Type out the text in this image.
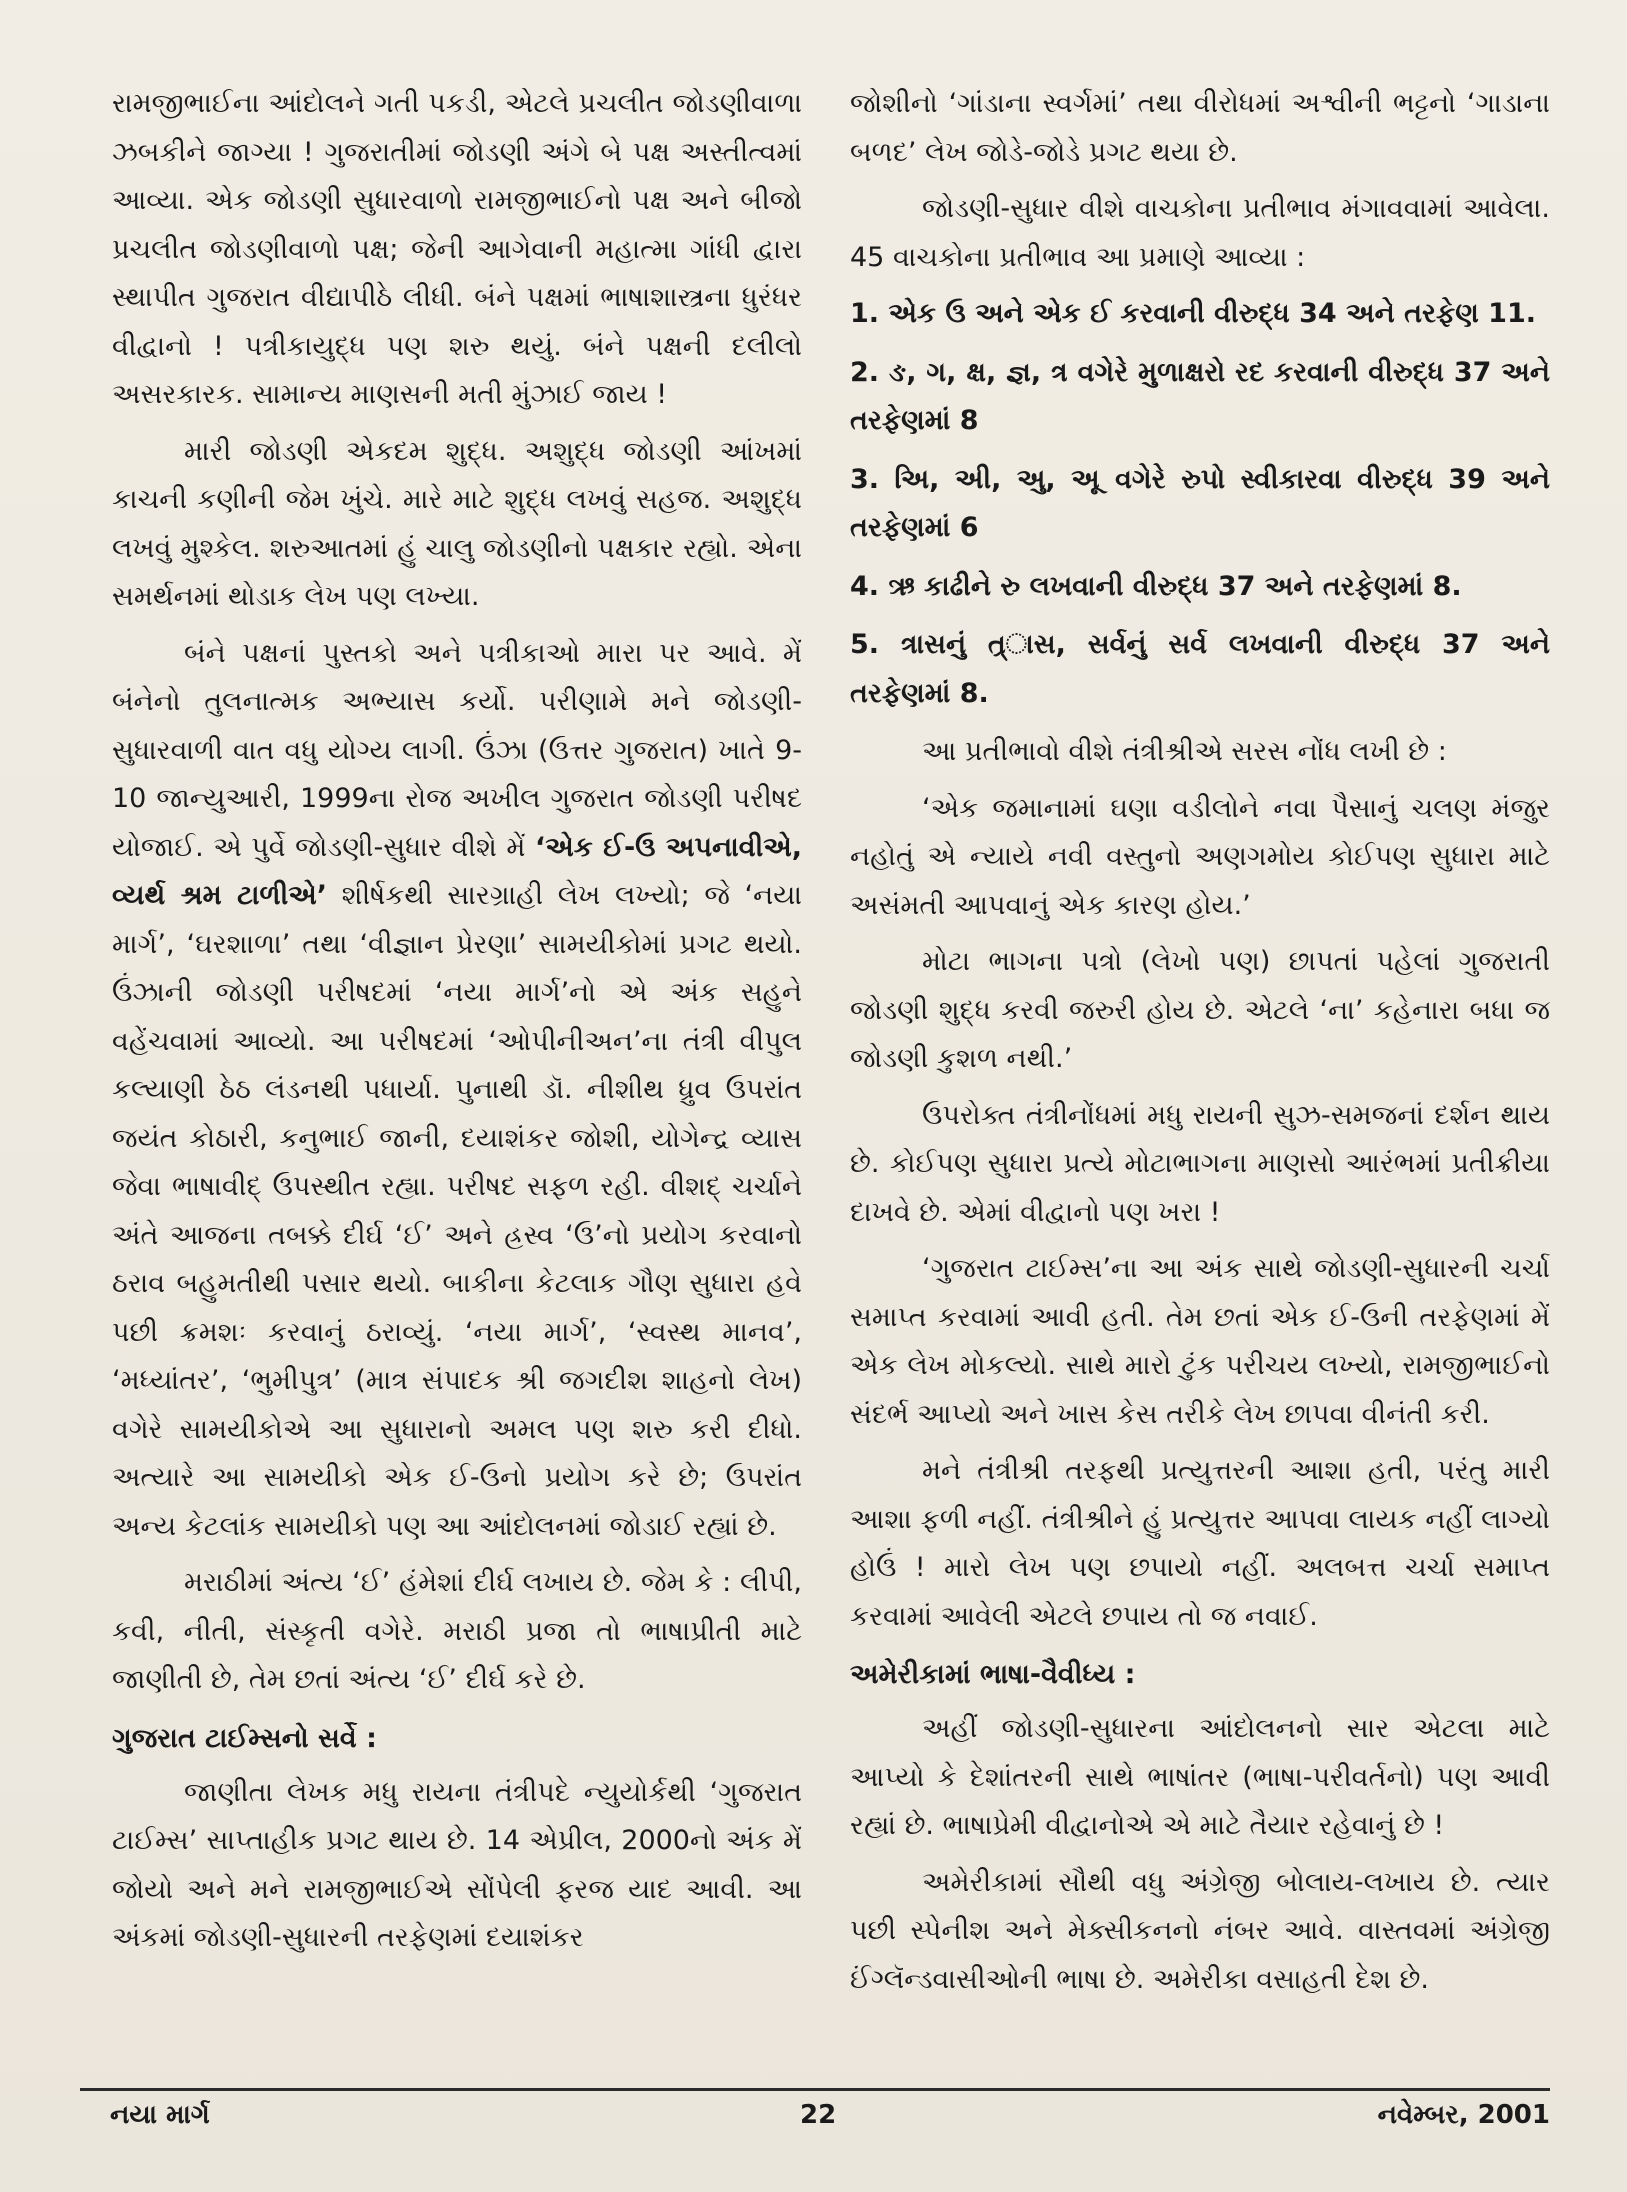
રામજીભાઈના આંદોલને ગતી પકડી, એટલે પ્રચલીત જોડણીવાળા ઝબકીને જાગ્યા ! ગુજરાતીમાં જોડણી અંગે બે પક્ષ અસ્તીત્વમાં આવ્યા. એક જોડણી સુધારવાળો રામજીભાઈનો પક્ષ અને બીજો પ્રચલીત જોડણીવાળો પક્ષ; જેની આગેવાની મહાત્મા ગાંધી દ્વારા સ્થાપીત ગુજરાત વીદ્યાપીઠે લીધી. બંને પક્ષમાં ભાષાશાસ્ત્રના ધુરંધર વીદ્વાનો ! પત્રીકાયુદ્ધ પણ શરુ થયું. બંને પક્ષની દલીલો અસરકારક. સામાન્ય માણસની મતી મુંઝાઈ જાય !

મારી જોડણી એકદમ શુદ્ધ. અશુદ્ધ જોડણી આંખમાં કાચની કણીની જેમ ખુંચે. મારે માટે શુદ્ધ લખવું સહજ. અશુદ્ધ લખવું મુશ્કેલ. શરુઆતમાં હું ચાલુ જોડણીનો પક્ષકાર રહ્યો. એના સમર્થનમાં થોડાક લેખ પણ લખ્યા.

બંને પક્ષનાં પુસ્તકો અને પત્રીકાઓ મારા પર આવે. મેં બંનેનો તુલનાત્મક અભ્યાસ કર્યો. પરીણામે મને જોડણી-સુધારવાળી વાત વધુ યોગ્ય લાગી. ઉંઝા (ઉત્તર ગુજરાત) ખાતે 9-10 જાન્યુઆરી, 1999ના રોજ અખીલ ગુજરાત જોડણી પરીષદ યોજાઈ. એ પુર્વે જોડણી-સુધાર વીશે મેં ‘એક ઈ-ઉ અપનાવીએ, વ્યર્થ શ્રમ ટાળીએ’ શીર્ષકથી સારગ્રાહી લેખ લખ્યો; જે ‘નયા માર્ગ’, ‘ઘરશાળા’ તથા ‘વીજ્ઞાન પ્રેરણા’ સામયીકોમાં પ્રગટ થયો. ઉંઝાની જોડણી પરીષદમાં ‘નયા માર્ગ’નો એ અંક સહુને વહેંચવામાં આવ્યો. આ પરીષદમાં ‘ઓપીનીઅન’ના તંત્રી વીપુલ કલ્યાણી ઠેઠ લંડનથી પધાર્યા. પુનાથી ડૉ. નીશીથ ધ્રુવ ઉપરાંત જયંત કોઠારી, કનુભાઈ જાની, દયાશંકર જોશી, યોગેન્દ્ર વ્યાસ જેવા ભાષાવીદ્ ઉપસ્થીત રહ્યા. પરીષદ સફળ રહી. વીશદ્ ચર્ચાને અંતે આજના તબક્કે દીર્ઘ ‘ઈ’ અને હ્રસ્વ ‘ઉ’નો પ્રયોગ કરવાનો ઠરાવ બહુમતીથી પસાર થયો. બાકીના કેટલાક ગૌણ સુધારા હવે પછી ક્રમશઃ કરવાનું ઠરાવ્યું. ‘નયા માર્ગ’, ‘સ્વસ્થ માનવ’, ‘મધ્યાંતર’, ‘ભુમીપુત્ર’ (માત્ર સંપાદક શ્રી જગદીશ શાહનો લેખ) વગેરે સામયીકોએ આ સુધારાનો અમલ પણ શરુ કરી દીધો. અત્યારે આ સામયીકો એક ઈ-ઉનો પ્રયોગ કરે છે; ઉપરાંત અન્ય કેટલાંક સામયીકો પણ આ આંદોલનમાં જોડાઈ રહ્યાં છે.

મરાઠીમાં અંત્ય ‘ઈ’ હંમેશાં દીર્ઘ લખાય છે. જેમ કે : લીપી, કવી, નીતી, સંસ્કૃતી વગેરે. મરાઠી પ્રજા તો ભાષાપ્રીતી માટે જાણીતી છે, તેમ છતાં અંત્ય ‘ઈ’ દીર્ઘ કરે છે.

ગુજરાત ટાઈમ્સનો સર્વે :

જાણીતા લેખક મધુ રાયના તંત્રીપદે ન્યુયોર્કથી ‘ગુજરાત ટાઈમ્સ’ સાપ્તાહીક પ્રગટ થાય છે. 14 એપ્રીલ, 2000નો અંક મેં જોયો અને મને રામજીભાઈએ સોંપેલી ફરજ યાદ આવી. આ અંકમાં જોડણી-સુધારની તરફેણમાં દયાશંકર

જોશીનો ‘ગાંડાના સ્વર્ગમાં’ તથા વીરોધમાં અશ્વીની ભટ્ટનો ‘ગાડાના બળદ’ લેખ જોડે-જોડે પ્રગટ થયા છે.

જોડણી-સુધાર વીશે વાચકોના પ્રતીભાવ મંગાવવામાં આવેલા. 45 વાચકોના પ્રતીભાવ આ પ્રમાણે આવ્યા :

1. એક ઉ અને એક ઈ કરવાની વીરુદ્ધ 34 અને તરફેણ 11.
2. ઙ, ગ, ક્ષ, જ્ઞ, ત્ર વગેરે મુળાક્ષરો રદ કરવાની વીરુદ્ધ 37 અને તરફેણમાં 8
3. અિ, અી, અુ, અૂ વગેરે રુપો સ્વીકારવા વીરુદ્ધ 39 અને તરફેણમાં 6
4. ઋ કાઢીને રુ લખવાની વીરુદ્ધ 37 અને તરફેણમાં 8.
5. ત્રાસનું ત્ર્ાસ, સર્વનું સર્વ લખવાની વીરુદ્ધ 37 અને તરફેણમાં 8.

આ પ્રતીભાવો વીશે તંત્રીશ્રીએ સરસ નોંધ લખી છે :

‘એક જમાનામાં ઘણા વડીલોને નવા પૈસાનું ચલણ મંજુર નહોતું એ ન્યાયે નવી વસ્તુનો અણગમોય કોઈપણ સુધારા માટે અસંમતી આપવાનું એક કારણ હોય.’

મોટા ભાગના પત્રો (લેખો પણ) છાપતાં પહેલાં ગુજરાતી જોડણી શુદ્ધ કરવી જરુરી હોય છે. એટલે ‘ના’ કહેનારા બધા જ જોડણી કુશળ નથી.’

ઉપરોક્ત તંત્રીનોંધમાં મધુ રાયની સુઝ-સમજનાં દર્શન થાય છે. કોઈપણ સુધારા પ્રત્યે મોટાભાગના માણસો આરંભમાં પ્રતીક્રીયા દાખવે છે. એમાં વીદ્વાનો પણ ખરા !

‘ગુજરાત ટાઈમ્સ’ના આ અંક સાથે જોડણી-સુધારની ચર્ચા સમાપ્ત કરવામાં આવી હતી. તેમ છતાં એક ઈ-ઉની તરફેણમાં મેં એક લેખ મોકલ્યો. સાથે મારો ટુંક પરીચય લખ્યો, રામજીભાઈનો સંદર્ભ આપ્યો અને ખાસ કેસ તરીકે લેખ છાપવા વીનંતી કરી.

મને તંત્રીશ્રી તરફથી પ્રત્યુત્તરની આશા હતી, પરંતુ મારી આશા ફળી નહીં. તંત્રીશ્રીને હું પ્રત્યુત્તર આપવા લાયક નહીં લાગ્યો હોઉં ! મારો લેખ પણ છપાયો નહીં. અલબત્ત ચર્ચા સમાપ્ત કરવામાં આવેલી એટલે છપાય તો જ નવાઈ.

અમેરીકામાં ભાષા-વૈવીધ્ય :

અહીં જોડણી-સુધારના આંદોલનનો સાર એટલા માટે આપ્યો કે દેશાંતરની સાથે ભાષાંતર (ભાષા-પરીવર્તનો) પણ આવી રહ્યાં છે. ભાષાપ્રેમી વીદ્વાનોએ એ માટે તૈયાર રહેવાનું છે !

અમેરીકામાં સૌથી વધુ અંગ્રેજી બોલાય-લખાય છે. ત્યાર પછી સ્પેનીશ અને મેક્સીકનનો નંબર આવે. વાસ્તવમાં અંગ્રેજી ઈંગ્લૅન્ડવાસીઓની ભાષા છે. અમેરીકા વસાહતી દેશ છે.

નયા માર્ગ	22	નવેમ્બર, 2001
